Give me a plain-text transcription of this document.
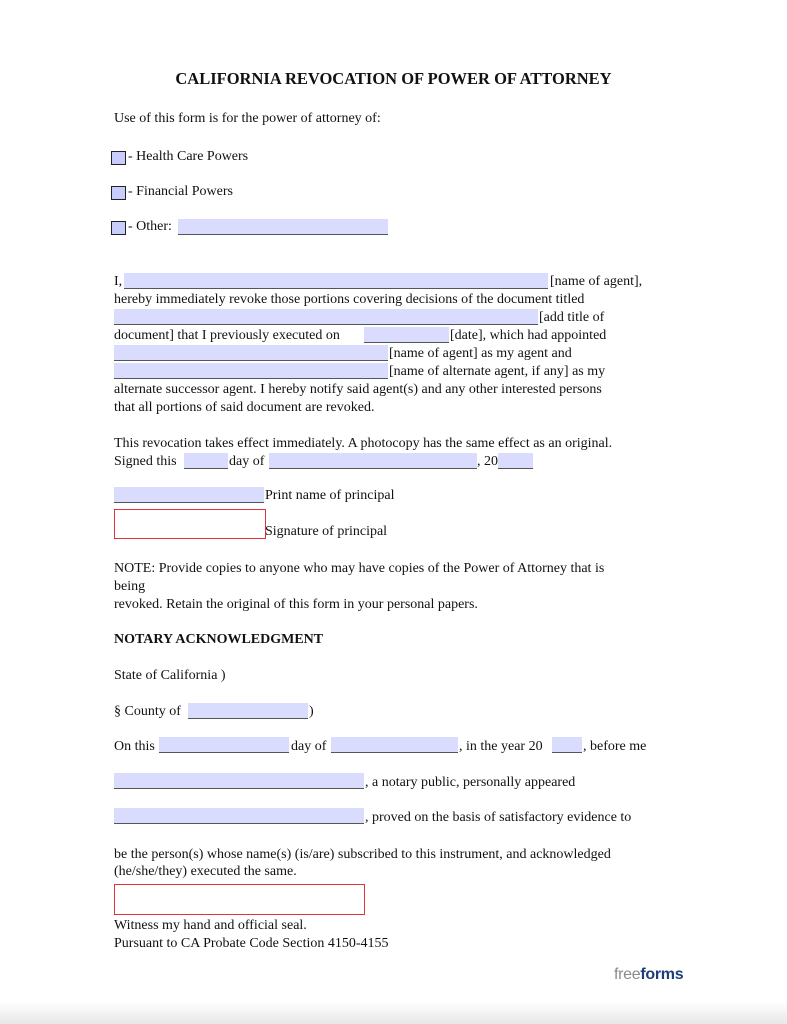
CALIFORNIA REVOCATION OF POWER OF ATTORNEY
Use of this form is for the power of attorney of:
- Health Care Powers
- Financial Powers
- Other:
I,	[name of agent],
hereby immediately revoke those portions covering decisions of the document titled
[add title of
document] that I previously executed on	[date], which had appointed
[name of agent] as my agent and
[name of alternate agent, if any] as my
alternate successor agent. I hereby notify said agent(s) and any other interested persons
that all portions of said document are revoked.
This revocation takes effect immediately. A photocopy has the same effect as an original.
Signed this	day of	, 20
Print name of principal
Signature of principal
NOTE: Provide copies to anyone who may have copies of the Power of Attorney that is
being
revoked. Retain the original of this form in your personal papers.
NOTARY ACKNOWLEDGMENT
State of California )
§ County of	)
On this	day of	, in the year 20	, before me
, a notary public, personally appeared
, proved on the basis of satisfactory evidence to
be the person(s) whose name(s) (is/are) subscribed to this instrument, and acknowledged
(he/she/they) executed the same.
Witness my hand and official seal.
Pursuant to CA Probate Code Section 4150-4155
freeforms
